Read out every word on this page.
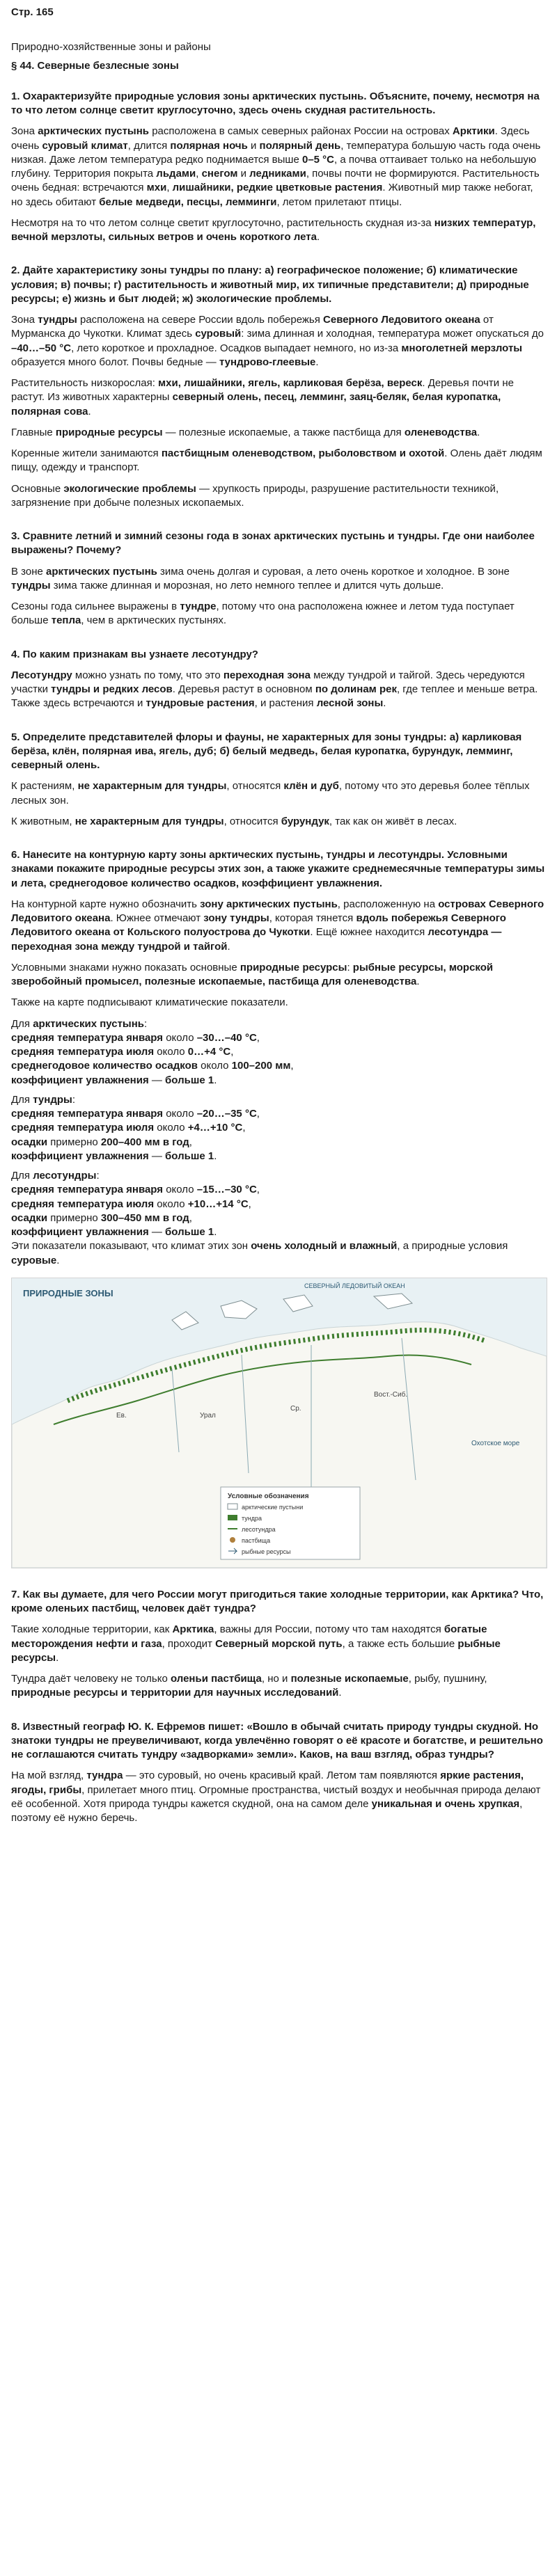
Стр. 165
Природно-хозяйственные зоны и районы
§ 44. Северные безлесные зоны
1. Охарактеризуйте природные условия зоны арктических пустынь. Объясните, почему, несмотря на то что летом солнце светит круглосуточно, здесь очень скудная растительность.

Зона арктических пустынь расположена в самых северных районах России на островах Арктики. Здесь очень суровый климат, длится полярная ночь и полярный день, температура большую часть года очень низкая. Даже летом температура редко поднимается выше 0–5 °С, а почва оттаивает только на небольшую глубину. Территория покрыта льдами, снегом и ледниками, почвы почти не формируются. Растительность очень бедная: встречаются мхи, лишайники, редкие цветковые растения. Животный мир также небогат, но здесь обитают белые медведи, песцы, лемминги, летом прилетают птицы.

Несмотря на то что летом солнце светит круглосуточно, растительность скудная из-за низких температур, вечной мерзлоты, сильных ветров и очень короткого лета.

2. Дайте характеристику зоны тундры по плану: а) географическое положение; б) климатические условия; в) почвы; г) растительность и животный мир, их типичные представители; д) природные ресурсы; е) жизнь и быт людей; ж) экологические проблемы.

Зона тундры расположена на севере России вдоль побережья Северного Ледовитого океана от Мурманска до Чукотки. Климат здесь суровый: зима длинная и холодная, температура может опускаться до –40…–50 °С, лето короткое и прохладное. Осадков выпадает немного, но из-за многолетней мерзлоты образуется много болот. Почвы бедные — тундрово-глеевые.

Растительность низкорослая: мхи, лишайники, ягель, карликовая берёза, вереск. Деревья почти не растут. Из животных характерны северный олень, песец, лемминг, заяц-беляк, белая куропатка, полярная сова.

Главные природные ресурсы — полезные ископаемые, а также пастбища для оленеводства.

Коренные жители занимаются пастбищным оленеводством, рыболовством и охотой. Олень даёт людям пищу, одежду и транспорт.

Основные экологические проблемы — хрупкость природы, разрушение растительности техникой, загрязнение при добыче полезных ископаемых.

3. Сравните летний и зимний сезоны года в зонах арктических пустынь и тундры. Где они наиболее выражены? Почему?

В зоне арктических пустынь зима очень долгая и суровая, а лето очень короткое и холодное. В зоне тундры зима также длинная и морозная, но лето немного теплее и длится чуть дольше.

Сезоны года сильнее выражены в тундре, потому что она расположена южнее и летом туда поступает больше тепла, чем в арктических пустынях.

4. По каким признакам вы узнаете лесотундру?

Лесотундру можно узнать по тому, что это переходная зона между тундрой и тайгой. Здесь чередуются участки тундры и редких лесов. Деревья растут в основном по долинам рек, где теплее и меньше ветра. Также здесь встречаются и тундровые растения, и растения лесной зоны.

5. Определите представителей флоры и фауны, не характерных для зоны тундры: а) карликовая берёза, клён, полярная ива, ягель, дуб; б) белый медведь, белая куропатка, бурундук, лемминг, северный олень.

К растениям, не характерным для тундры, относятся клён и дуб, потому что это деревья более тёплых лесных зон.

К животным, не характерным для тундры, относится бурундук, так как он живёт в лесах.

6. Нанесите на контурную карту зоны арктических пустынь, тундры и лесотундры. Условными знаками покажите природные ресурсы этих зон, а также укажите среднемесячные температуры зимы и лета, среднегодовое количество осадков, коэффициент увлажнения.

На контурной карте нужно обозначить зону арктических пустынь, расположенную на островах Северного Ледовитого океана. Южнее отмечают зону тундры, которая тянется вдоль побережья Северного Ледовитого океана от Кольского полуострова до Чукотки. Ещё южнее находится лесотундра — переходная зона между тундрой и тайгой.

Условными знаками нужно показать основные природные ресурсы: рыбные ресурсы, морской зверобойный промысел, полезные ископаемые, пастбища для оленеводства.

Также на карте подписывают климатические показатели.

Для арктических пустынь:
средняя температура января около –30…–40 °С,
средняя температура июля около 0…+4 °С,
среднегодовое количество осадков около 100–200 мм,
коэффициент увлажнения — больше 1.
Для тундры:
средняя температура января около –20…–35 °С,
средняя температура июля около +4…+10 °С,
осадки примерно 200–400 мм в год,
коэффициент увлажнения — больше 1.
Для лесотундры:
средняя температура января около –15…–30 °С,
средняя температура июля около +10…+14 °С,
осадки примерно 300–450 мм в год,
коэффициент увлажнения — больше 1.

Эти показатели показывают, что климат этих зон очень холодный и влажный, а природные условия суровые.

ПРИРОДНЫЕ ЗОНЫ
СЕВЕРНЫЙ ЛЕДОВИТЫЙ ОКЕАН
Ев.	Урал
Ср.
Вост.-Сиб.
Охотское море
Условные обозначения
арктические пустыни
тундра
лесотундра
пастбища
рыбные ресурсы
7. Как вы думаете, для чего России могут пригодиться такие холодные территории, как Арктика? Что, кроме оленьих пастбищ, человек даёт тундра?

Такие холодные территории, как Арктика, важны для России, потому что там находятся богатые месторождения нефти и газа, проходит Северный морской путь, а также есть большие рыбные ресурсы.

Тундра даёт человеку не только оленьи пастбища, но и полезные ископаемые, рыбу, пушнину, природные ресурсы и территории для научных исследований.

8. Известный географ Ю. К. Ефремов пишет: «Вошло в обычай считать природу тундры скудной. Но знатоки тундры не преувеличивают, когда увлечённо говорят о её красоте и богатстве, и решительно не соглашаются считать тундру «задворками» земли». Каков, на ваш взгляд, образ тундры?

На мой взгляд, тундра — это суровый, но очень красивый край. Летом там появляются яркие растения, ягоды, грибы, прилетает много птиц. Огромные пространства, чистый воздух и необычная природа делают её особенной. Хотя природа тундры кажется скудной, она на самом деле уникальная и очень хрупкая, поэтому её нужно беречь.
